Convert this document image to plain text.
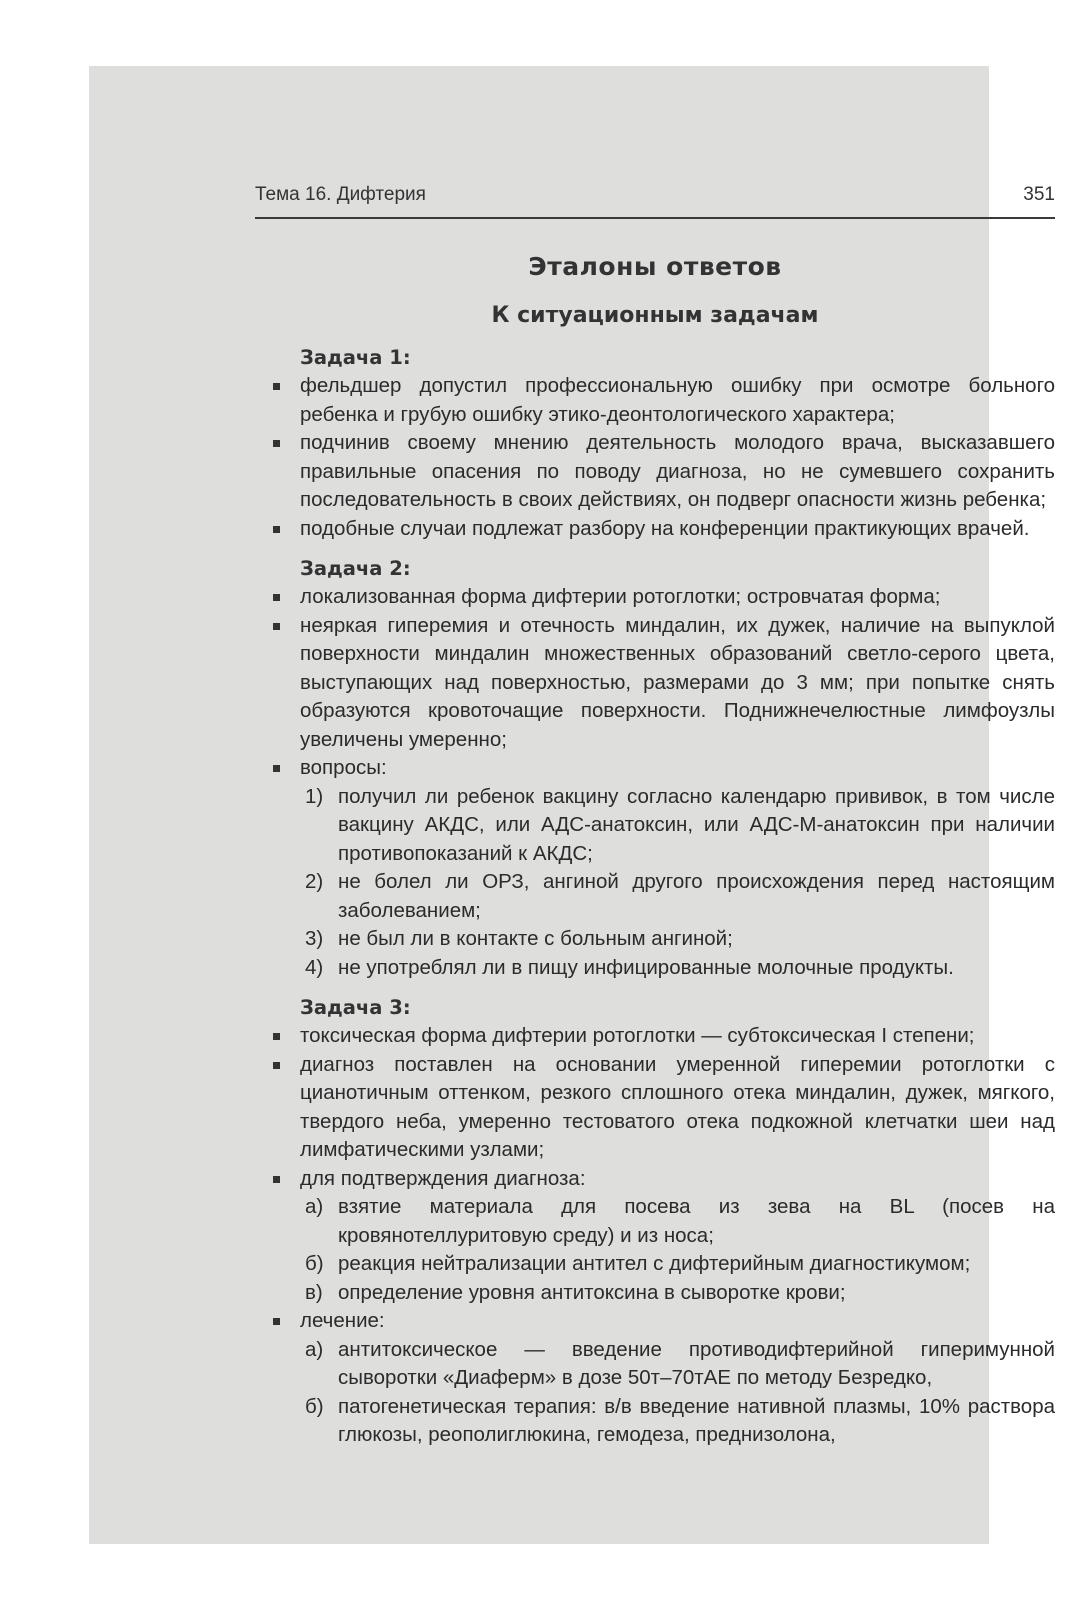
Тема 16. Дифтерия	351
Эталоны ответов
К ситуационным задачам
Задача 1:
фельдшер допустил профессиональную ошибку при осмотре больного ребенка и грубую ошибку этико-деонтологического характера;
подчинив своему мнению деятельность молодого врача, высказавшего правильные опасения по поводу диагноза, но не сумевшего сохранить последовательность в своих действиях, он подверг опасности жизнь ребенка;
подобные случаи подлежат разбору на конференции практикующих врачей.
Задача 2:
локализованная форма дифтерии ротоглотки; островчатая форма;
неяркая гиперемия и отечность миндалин, их дужек, наличие на выпуклой поверхности миндалин множественных образований светло-серого цвета, выступающих над поверхностью, размерами до 3 мм; при попытке снять образуются кровоточащие поверхности. Поднижнечелюстные лимфоузлы увеличены умеренно;
вопросы:
1) получил ли ребенок вакцину согласно календарю прививок, в том числе вакцину АКДС, или АДС-анатоксин, или АДС-М-анатоксин при наличии противопоказаний к АКДС;
2) не болел ли ОРЗ, ангиной другого происхождения перед настоящим заболеванием;
3) не был ли в контакте с больным ангиной;
4) не употреблял ли в пищу инфицированные молочные продукты.
Задача 3:
токсическая форма дифтерии ротоглотки — субтоксическая I степени;
диагноз поставлен на основании умеренной гиперемии ротоглотки с цианотичным оттенком, резкого сплошного отека миндалин, дужек, мягкого, твердого неба, умеренно тестоватого отека подкожной клетчатки шеи над лимфатическими узлами;
для подтверждения диагноза:
а) взятие материала для посева из зева на BL (посев на кровянотеллуритовую среду) и из носа;
б) реакция нейтрализации антител с дифтерийным диагностикумом;
в) определение уровня антитоксина в сыворотке крови;
лечение:
а) антитоксическое — введение противодифтерийной гиперимунной сыворотки «Диаферм» в дозе 50т–70тАЕ по методу Безредко,
б) патогенетическая терапия: в/в введение нативной плазмы, 10% раствора глюкозы, реополиглюкина, гемодеза, преднизолона,
